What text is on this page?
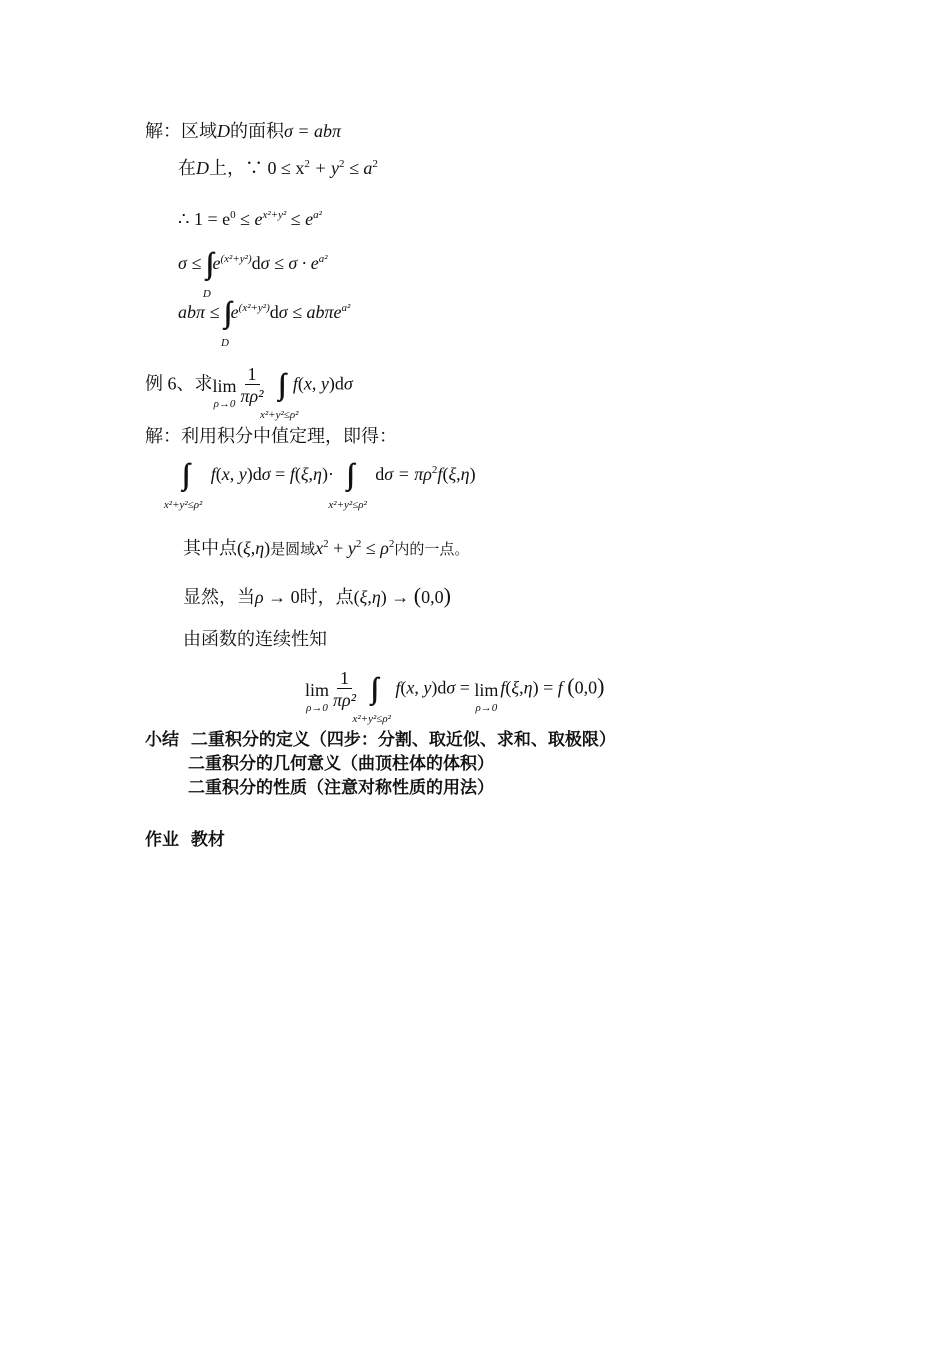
解：区域D的面积σ = abπ
在D上，∵ $0 \le x^2 + y^2 \le a^2$
∴ $1 = e^0 \le e^{x^2+y^2} \le e^{a^2}$
σ ≤ ∫∫
D
$e^{(x^2+y^2)}d\sigma \le \sigma \cdot e^{a^2}$
abπ ≤ ∫∫
D
$e^{(x^2+y^2)}d\sigma \le ab\pi e^{a^2}$
例 6、求lim
$\rho\to 0 \frac{1}{\text{πρ²}}$ ∫∫
x²+y²≤ρ²
f(x, y)dσ
解：利用积分中值定理，即得：
∫∫
x²+y²≤ρ²
f(x, y)dσ = f(ξ,η)· ∫∫
x²+y²≤ρ²
$d\sigma = \pi\rho^2f(\xi,\eta)$
其中点(ξ,η)是圆域$x^2 + y^2 \le \rho^2$内的一点。
显然，当ρ → 0时，点(ξ,η) → (0,0)
由函数的连续性知
lim
$\rho\to 0 \frac{1}{\text{πρ²}}$ ∫∫
x²+y²≤ρ²
f(x, y)dσ = lim
ρ→0
f(ξ,η) = f (0,0)
小结 二重积分的定义（四步：分割、取近似、求和、取极限）
二重积分的几何意义（曲顶柱体的体积）
二重积分的性质（注意对称性质的用法）
作业 教材
